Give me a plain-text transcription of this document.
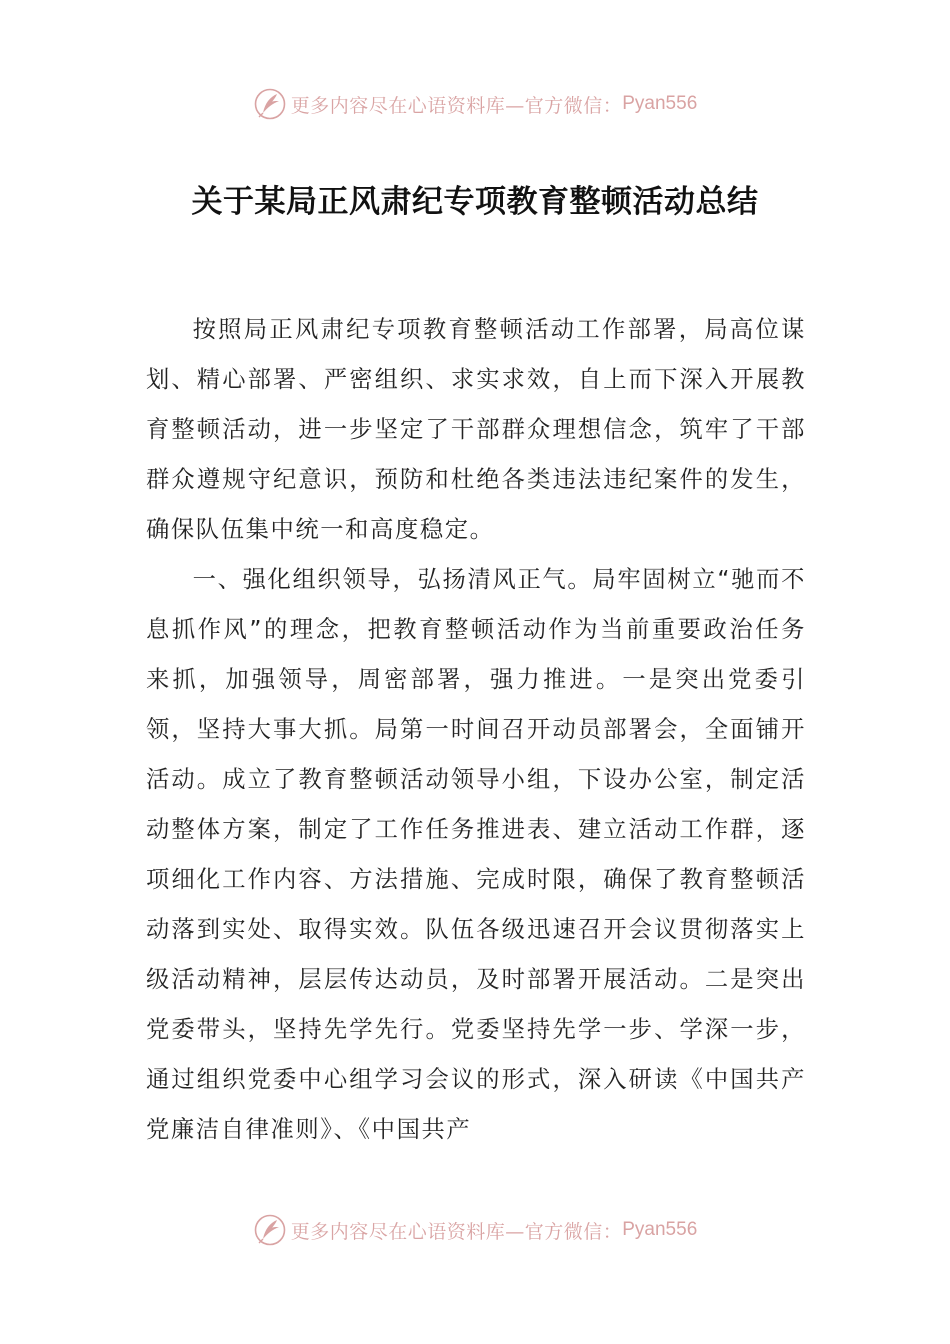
更多内容尽在心语资料库—官方微信： Pyan556
关于某局正风肃纪专项教育整顿活动总结

按照局正风肃纪专项教育整顿活动工作部署，局高位谋划、精心部署、严密组织、求实求效，自上而下深入开展教育整顿活动，进一步坚定了干部群众理想信念，筑牢了干部群众遵规守纪意识，预防和杜绝各类违法违纪案件的发生，确保队伍集中统一和高度稳定。

一、强化组织领导，弘扬清风正气。局牢固树立“驰而不息抓作风”的理念，把教育整顿活动作为当前重要政治任务来抓，加强领导，周密部署，强力推进。一是突出党委引领，坚持大事大抓。局第一时间召开动员部署会，全面铺开活动。成立了教育整顿活动领导小组，下设办公室，制定活动整体方案，制定了工作任务推进表、建立活动工作群，逐项细化工作内容、方法措施、完成时限，确保了教育整顿活动落到实处、取得实效。队伍各级迅速召开会议贯彻落实上级活动精神，层层传达动员，及时部署开展活动。二是突出党委带头，坚持先学先行。党委坚持先学一步、学深一步，通过组织党委中心组学习会议的形式，深入研读《中国共产党廉洁自律准则》、《中国共产

更多内容尽在心语资料库—官方微信： Pyan556
